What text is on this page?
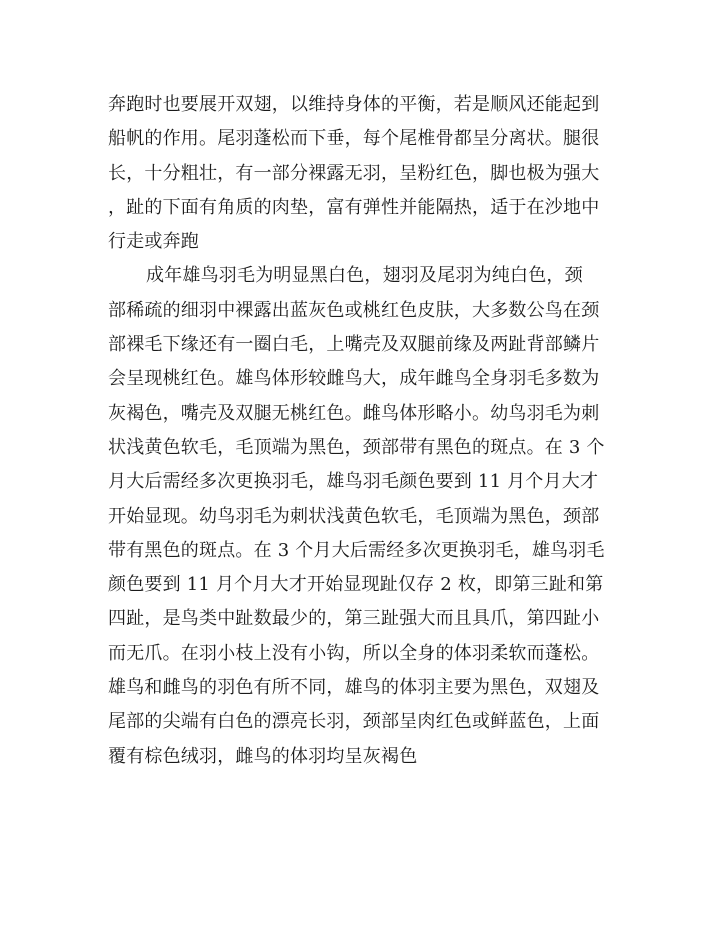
奔跑时也要展开双翅，以维持身体的平衡，若是顺风还能起到
船帆的作用。尾羽蓬松而下垂，每个尾椎骨都呈分离状。腿很
长，十分粗壮，有一部分裸露无羽，呈粉红色，脚也极为强大
，趾的下面有角质的肉垫，富有弹性并能隔热，适于在沙地中
行走或奔跑
成年雄鸟羽毛为明显黑白色，翅羽及尾羽为纯白色，颈
部稀疏的细羽中裸露出蓝灰色或桃红色皮肤，大多数公鸟在颈
部裸毛下缘还有一圈白毛，上嘴壳及双腿前缘及两趾背部鳞片
会呈现桃红色。雄鸟体形较雌鸟大，成年雌鸟全身羽毛多数为
灰褐色，嘴壳及双腿无桃红色。雌鸟体形略小。幼鸟羽毛为刺
状浅黄色软毛，毛顶端为黑色，颈部带有黑色的斑点。在 3 个
月大后需经多次更换羽毛，雄鸟羽毛颜色要到 11 月个月大才
开始显现。幼鸟羽毛为刺状浅黄色软毛，毛顶端为黑色，颈部
带有黑色的斑点。在 3 个月大后需经多次更换羽毛，雄鸟羽毛
颜色要到 11 月个月大才开始显现趾仅存 2 枚，即第三趾和第
四趾，是鸟类中趾数最少的，第三趾强大而且具爪，第四趾小
而无爪。在羽小枝上没有小钩，所以全身的体羽柔软而蓬松。
雄鸟和雌鸟的羽色有所不同，雄鸟的体羽主要为黑色，双翅及
尾部的尖端有白色的漂亮长羽，颈部呈肉红色或鲜蓝色，上面
覆有棕色绒羽，雌鸟的体羽均呈灰褐色
